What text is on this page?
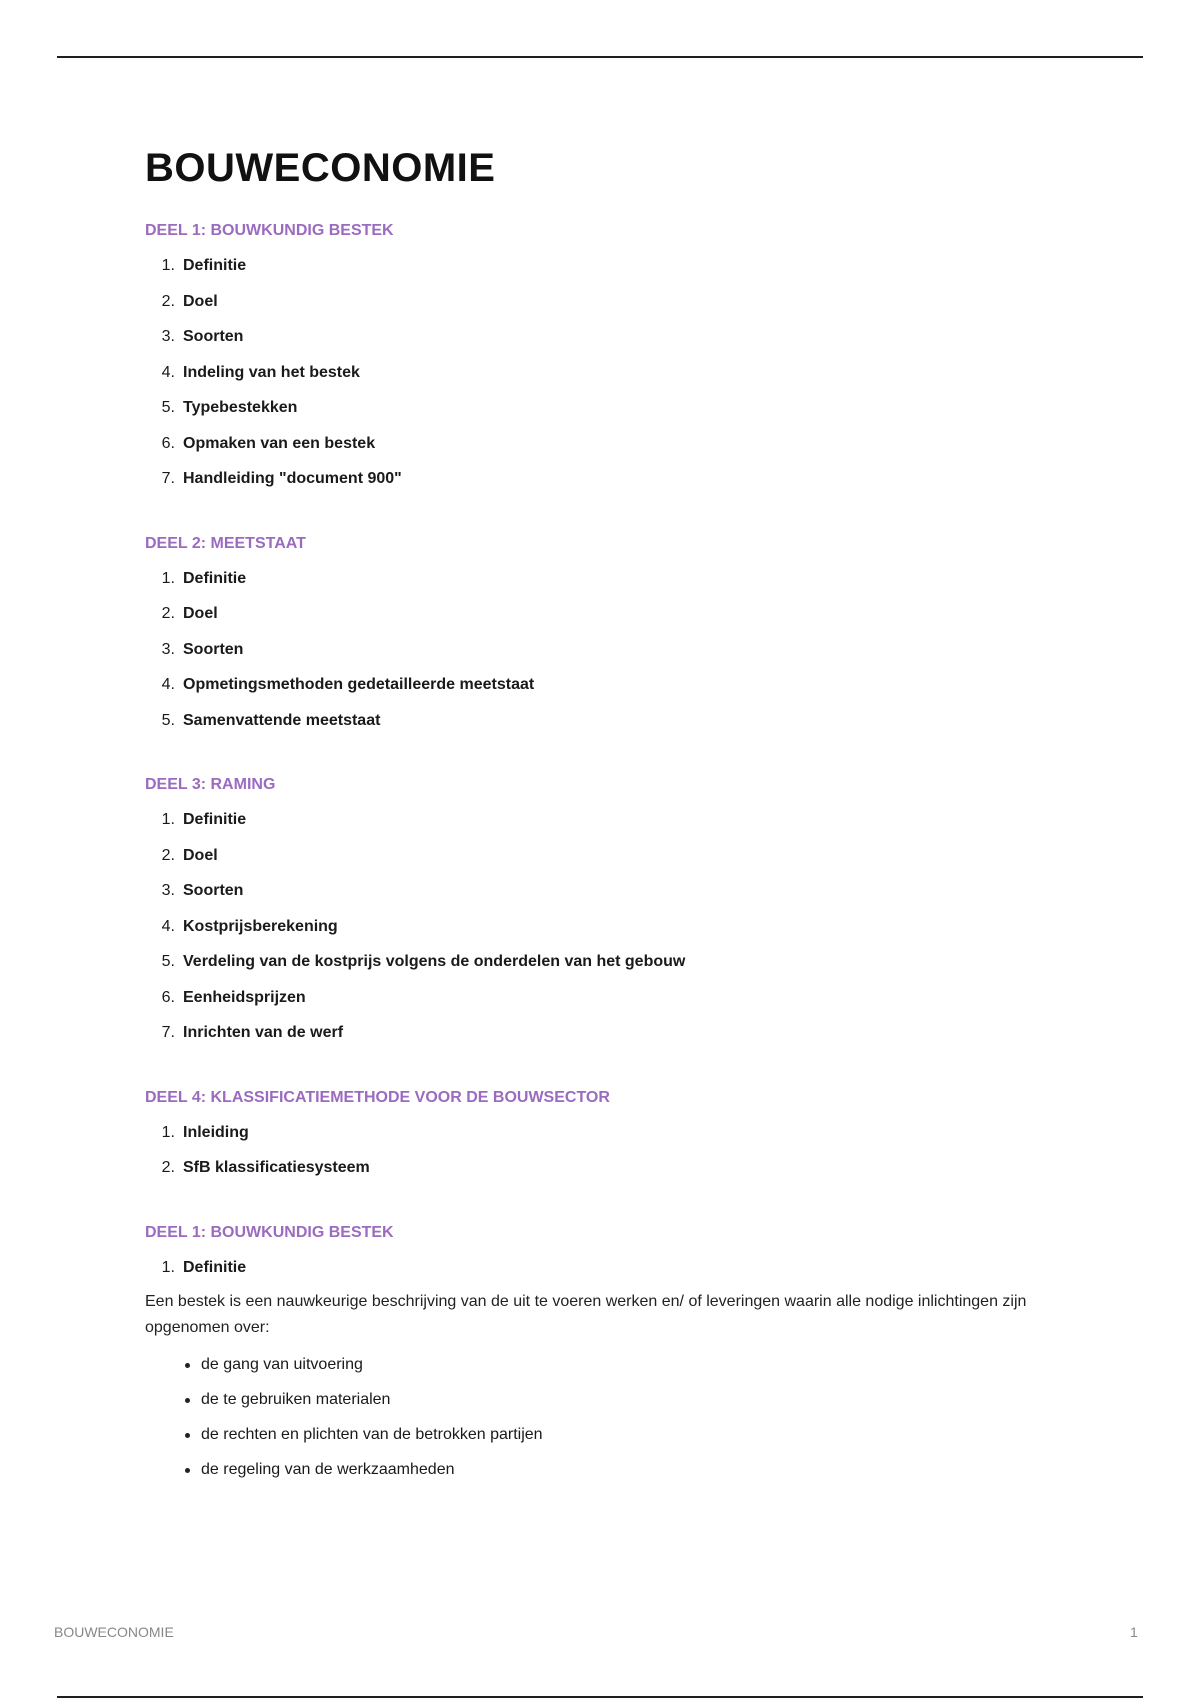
BOUWECONOMIE
DEEL 1: BOUWKUNDIG BESTEK
1. Definitie
2. Doel
3. Soorten
4. Indeling van het bestek
5. Typebestekken
6. Opmaken van een bestek
7. Handleiding "document 900"
DEEL 2: MEETSTAAT
1. Definitie
2. Doel
3. Soorten
4. Opmetingsmethoden gedetailleerde meetstaat
5. Samenvattende meetstaat
DEEL 3: RAMING
1. Definitie
2. Doel
3. Soorten
4. Kostprijsberekening
5. Verdeling van de kostprijs volgens de onderdelen van het gebouw
6. Eenheidsprijzen
7. Inrichten van de werf
DEEL 4: KLASSIFICATIEMETHODE VOOR DE BOUWSECTOR
1. Inleiding
2. SfB klassificatiesysteem
DEEL 1: BOUWKUNDIG BESTEK
1. Definitie

Een bestek is een nauwkeurige beschrijving van de uit te voeren werken en/ of leveringen waarin alle nodige inlichtingen zijn opgenomen over:

de gang van uitvoering
de te gebruiken materialen
de rechten en plichten van de betrokken partijen
de regeling van de werkzaamheden
BOUWECONOMIE	1
